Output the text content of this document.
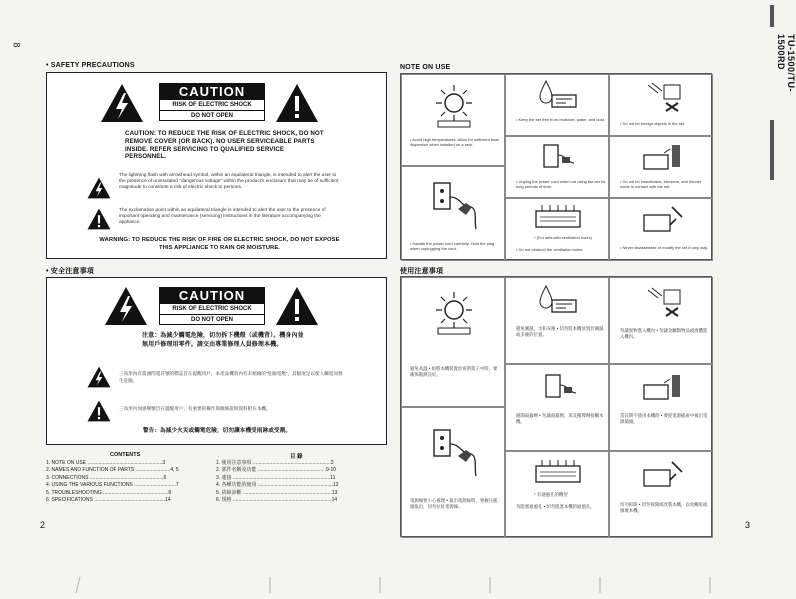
8
2	3
TU-1500/TU-1500RD
• SAFETY PRECAUTIONS
CAUTION
RISK OF ELECTRIC SHOCK
DO NOT OPEN
CAUTION: TO REDUCE THE RISK OF ELECTRIC SHOCK, DO NOT REMOVE COVER (OR BACK). NO USER SERVICEABLE PARTS INSIDE. REFER SERVICING TO QUALIFIED SERVICE PERSONNEL.
The lightning flash with arrowhead symbol, within an equilateral triangle, is intended to alert the user to the presence of uninsulated "dangerous voltage" within the product's enclosure that may be of sufficient magnitude to constitute a risk of electric shock to persons.
The exclamation point within an equilateral triangle is intended to alert the user to the presence of important operating and maintenance (servicing) instructions in the literature accompanying the appliance.
WARNING: TO REDUCE THE RISK OF FIRE OR ELECTRIC SHOCK, DO NOT EXPOSE THIS APPLIANCE TO RAIN OR MOISTURE.
• 安全注意事項
CAUTION
RISK OF ELECTRIC SHOCK
DO NOT OPEN
注意：為減少觸電危險，切勿拆下機殼（或機背）。機身內並無用戶修理用零件。請交由專業修理人員修理本機。
三角形內有箭頭閃電符號的標誌旨在提醒用戶，本產品機殼內有未絕緣的“危險電壓”，其幅度足以使人觸電而發生危險。
三角形內加感嘆號旨在提醒用戶，有重要的操作與維修說明資料附在本機。
警告：為減少火災或觸電危險，切勿讓本機受雨淋或受潮。
CONTENTS	目 錄
1. NOTE ON USE ......................................................3
2. NAMES AND FUNCTION OF PARTS .........................4, 5
3. CONNECTIONS .....................................................6
4. USING THE VARIOUS FUNCTIONS ..............................7
5. TROUBLESHOOTING ...............................................8
6. SPECIFICATIONS ...................................................14
1. 使用注意事項 ........................................................3
2. 部件名稱及功能 .................................................9-10
3. 連接 ......................................................................11
4. 各種功能的使用 ......................................................12
5. 故障診斷 ................................................................13
6. 規格 .......................................................................14
NOTE ON USE
• Avoid high temperatures. Allow for sufficient heat dispersion when installed on a rack.
• Handle the power cord carefully. Hold the plug when unplugging the cord.
• Keep the set free from moisture, water, and dust.
• Unplug the power cord when not using the set for long periods of time.
* (For sets with ventilation holes)
• Do not obstruct the ventilation holes.
• Do not let foreign objects in the set.
• Do not let insecticides, benzene, and thinner come in contact with the set.
• Never disassemble or modify the set in any way.
使用注意事項
避免高溫 • 如將本機裝置於密閉架子中時，要確保散熱良好。
電源線要小心處理 • 拔出電源線時，要握住插頭拔出，切勿拉扯電源線。
避免潮濕、水和灰塵 • 切勿將本機放置於潮濕或多塵的位置。
避開殺蟲劑 • 勿讓殺蟲劑、苯及稀釋劑接觸本機。
* 有通風孔的機型
勿阻塞通風孔 • 切勿阻塞本機的通風孔。
勿讓異物進入機內 • 勿讓金屬類物品或液體進入機內。
當長期不使用本機時 • 要從電源插座中拔出電源插頭。
切勿拆開 • 切勿拆開或改裝本機，以免觸電或損壞本機。
